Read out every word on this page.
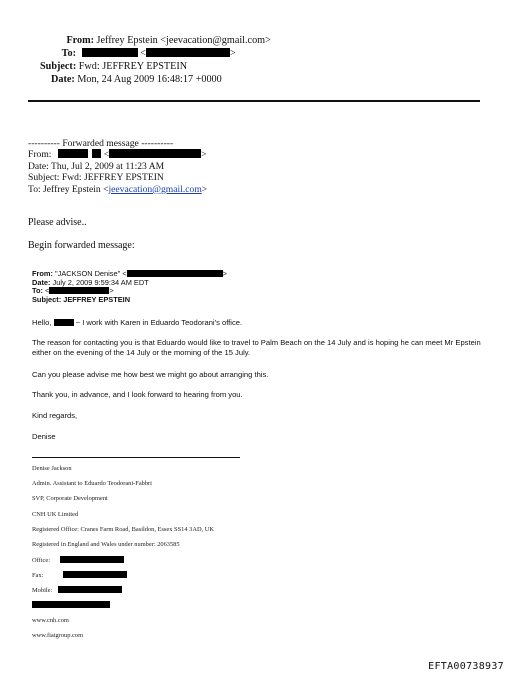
From: Jeffrey Epstein <jeevacation@gmail.com>
To:	<	>
Subject: Fwd: JEFFREY EPSTEIN
Date: Mon, 24 Aug 2009 16:48:17 +0000
---------- Forwarded message ----------
From:	<	>
Date: Thu, Jul 2, 2009 at 11:23 AM
Subject: Fwd: JEFFREY EPSTEIN
To: Jeffrey Epstein <jeevacation@gmail.com>
Please advise..
Begin forwarded message:
From: "JACKSON Denise" <	>
Date: July 2, 2009 9:59:34 AM EDT
To: <	>
Subject: JEFFREY EPSTEIN
Hello,	~ I work with Karen in Eduardo Teodorani's office.
The reason for contacting you is that Eduardo would like to travel to Palm Beach on the 14 July and is hoping he can meet Mr Epstein either on the evening of the 14 July or the morning of the 15 July.
Can you please advise me how best we might go about arranging this.
Thank you, in advance, and I look forward to hearing from you.
Kind regards,
Denise
Denise Jackson
Admin. Assistant to Eduardo Teodorani-Fabbri
SVP, Corporate Development
CNH UK Limited
Registered Office: Cranes Farm Road, Basildon, Essex SS14 3AD, UK
Registered in England and Wales under number: 2063585
Office:
Fax:
Mobile:
www.cnh.com
www.fiatgroup.com
EFTA00738937
